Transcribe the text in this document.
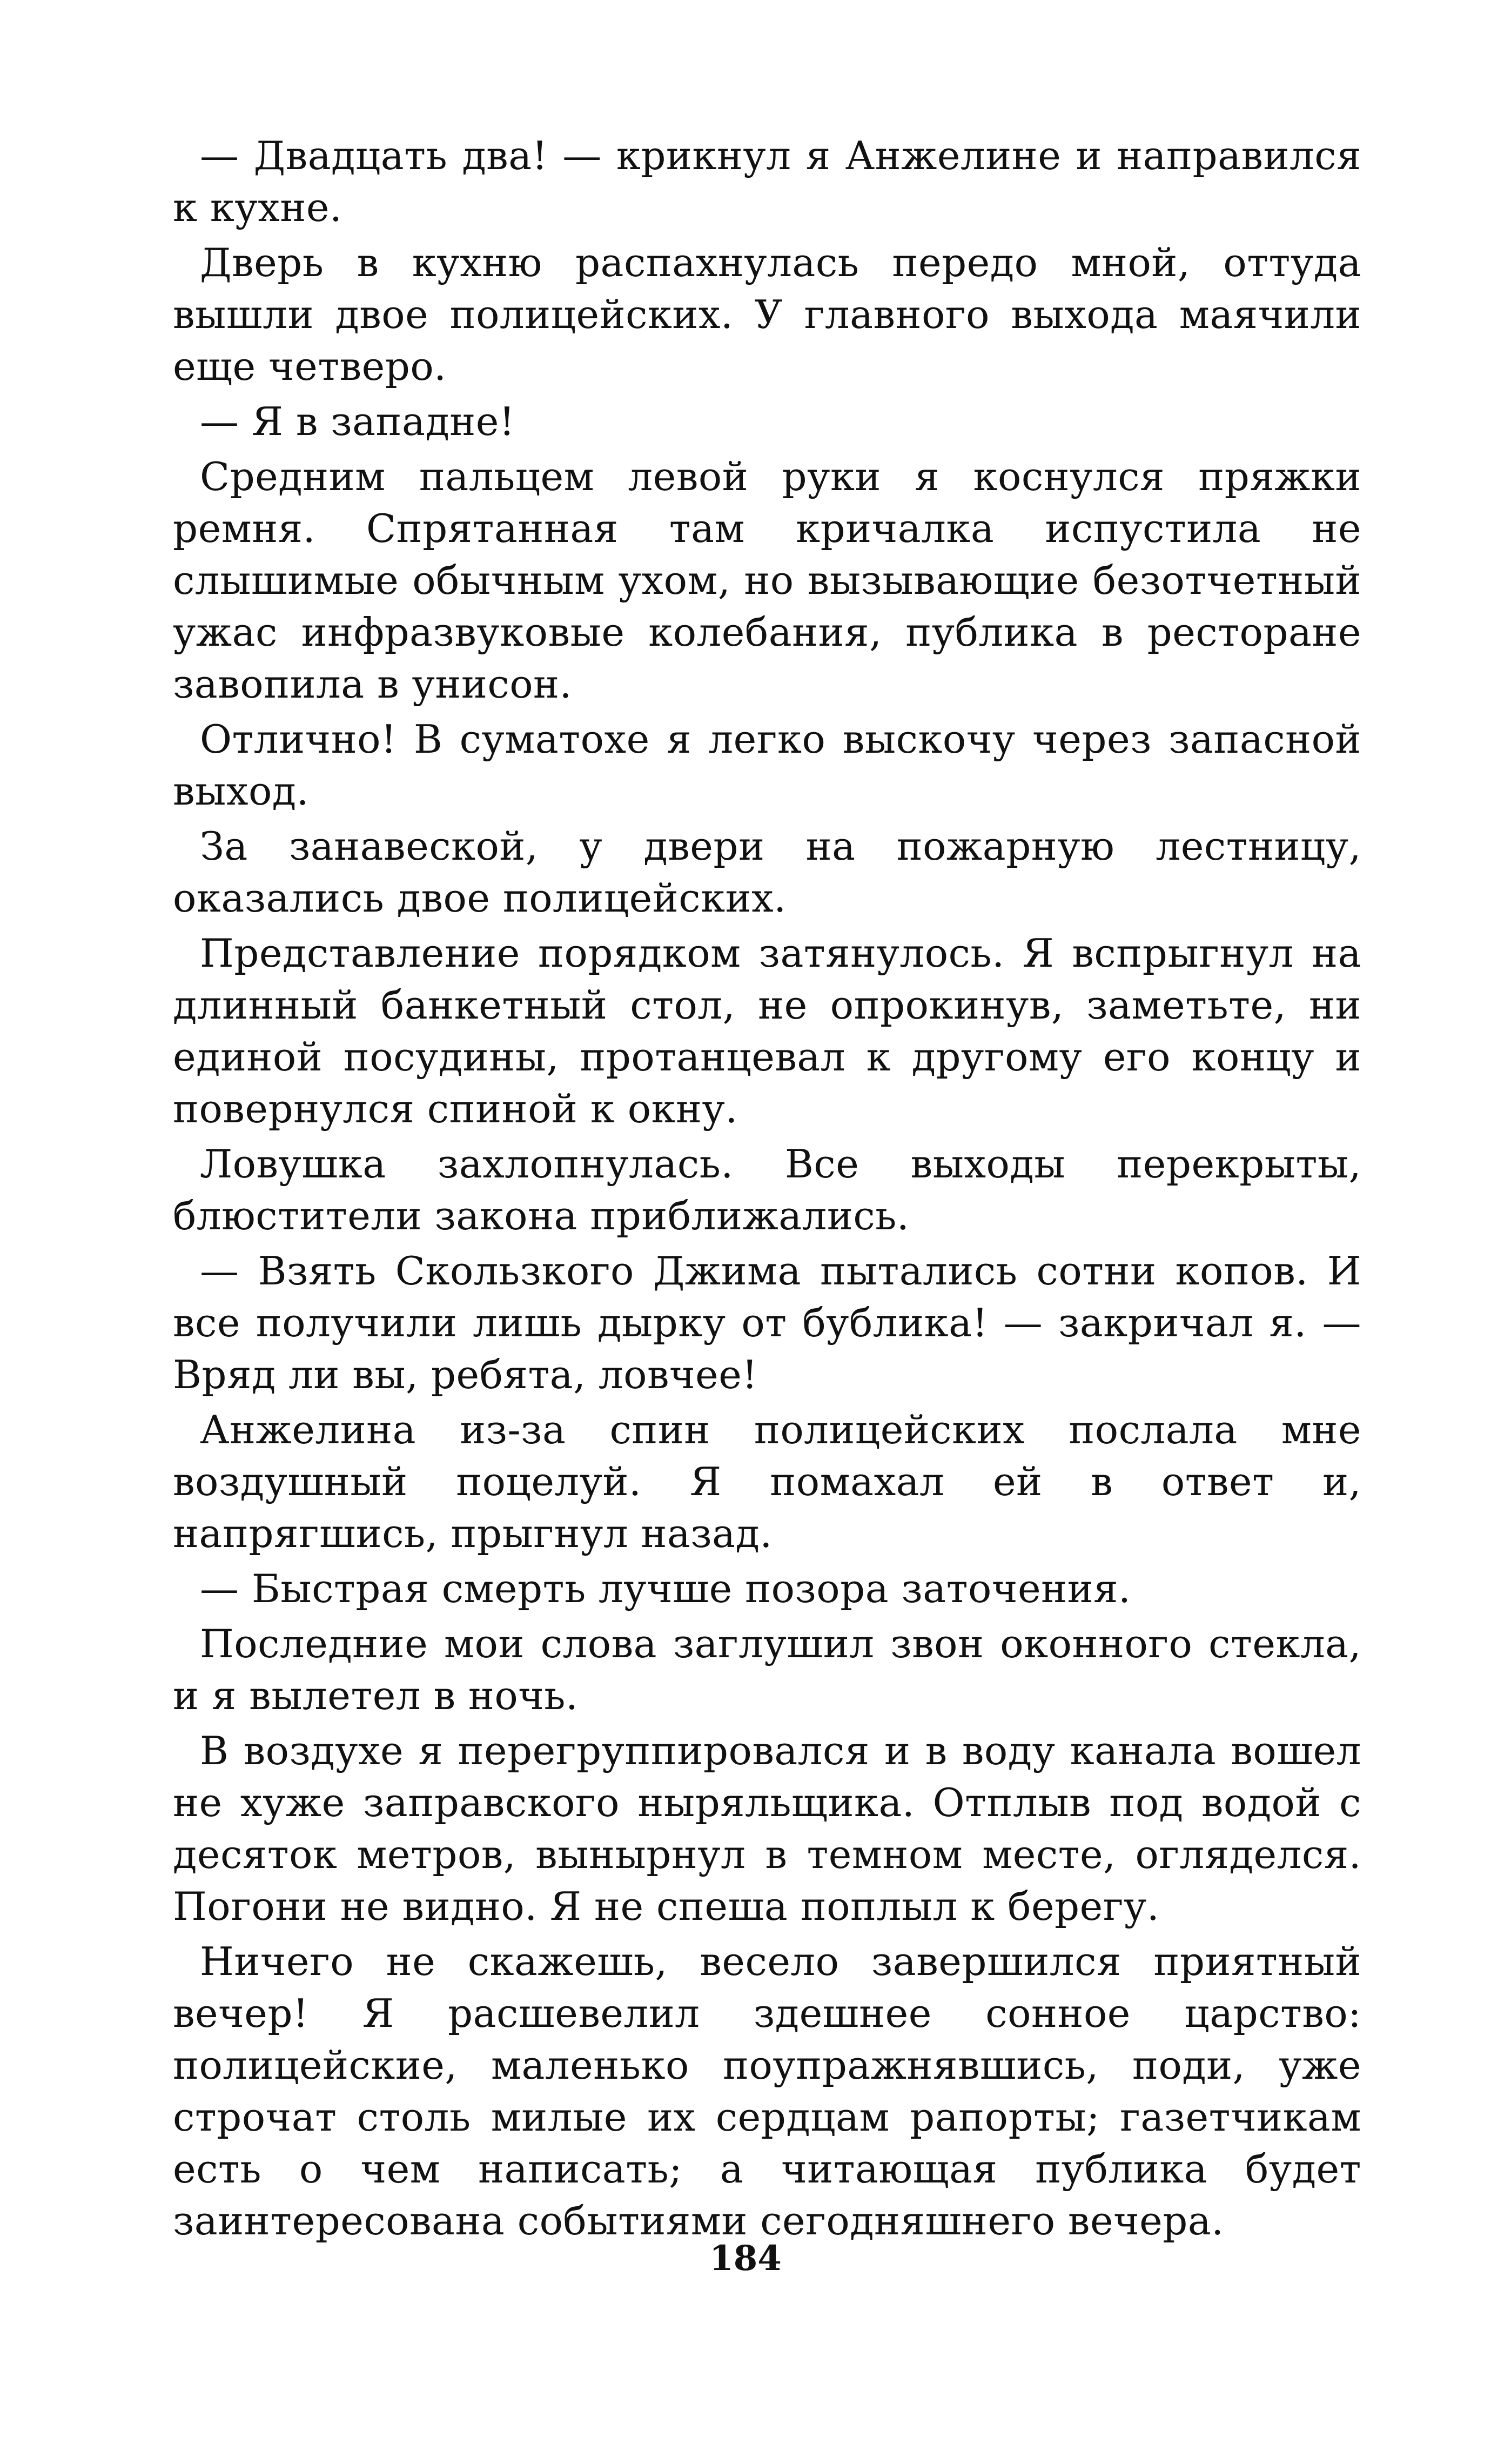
— Двадцать два! — крикнул я Анжелине и направился к кухне.

Дверь в кухню распахнулась передо мной, оттуда вышли двое полицейских. У главного выхода маячили еще четверо.

— Я в западне!

Средним пальцем левой руки я коснулся пряжки ремня. Спрятанная там кричалка испустила не слышимые обычным ухом, но вызывающие безотчетный ужас инфразвуковые колебания, публика в ресторане завопила в унисон.

Отлично! В суматохе я легко выскочу через запасной выход.

За занавеской, у двери на пожарную лестницу, оказались двое полицейских.

Представление порядком затянулось. Я вспрыгнул на длинный банкетный стол, не опрокинув, заметьте, ни единой посудины, протанцевал к другому его концу и повернулся спиной к окну.

Ловушка захлопнулась. Все выходы перекрыты, блюстители закона приближались.

— Взять Скользкого Джима пытались сотни копов. И все получили лишь дырку от бублика! — закричал я. — Вряд ли вы, ребята, ловчее!

Анжелина из-за спин полицейских послала мне воздушный поцелуй. Я помахал ей в ответ и, напрягшись, прыгнул назад.

— Быстрая смерть лучше позора заточения.

Последние мои слова заглушил звон оконного стекла, и я вылетел в ночь.

В воздухе я перегруппировался и в воду канала вошел не хуже заправского ныряльщика. Отплыв под водой с десяток метров, вынырнул в темном месте, огляделся. Погони не видно. Я не спеша поплыл к берегу.

Ничего не скажешь, весело завершился приятный вечер! Я расшевелил здешнее сонное царство: полицейские, маленько поупражнявшись, поди, уже строчат столь милые их сердцам рапорты; газетчикам есть о чем написать; а читающая публика будет заинтересована событиями сегодняшнего вечера.

184
